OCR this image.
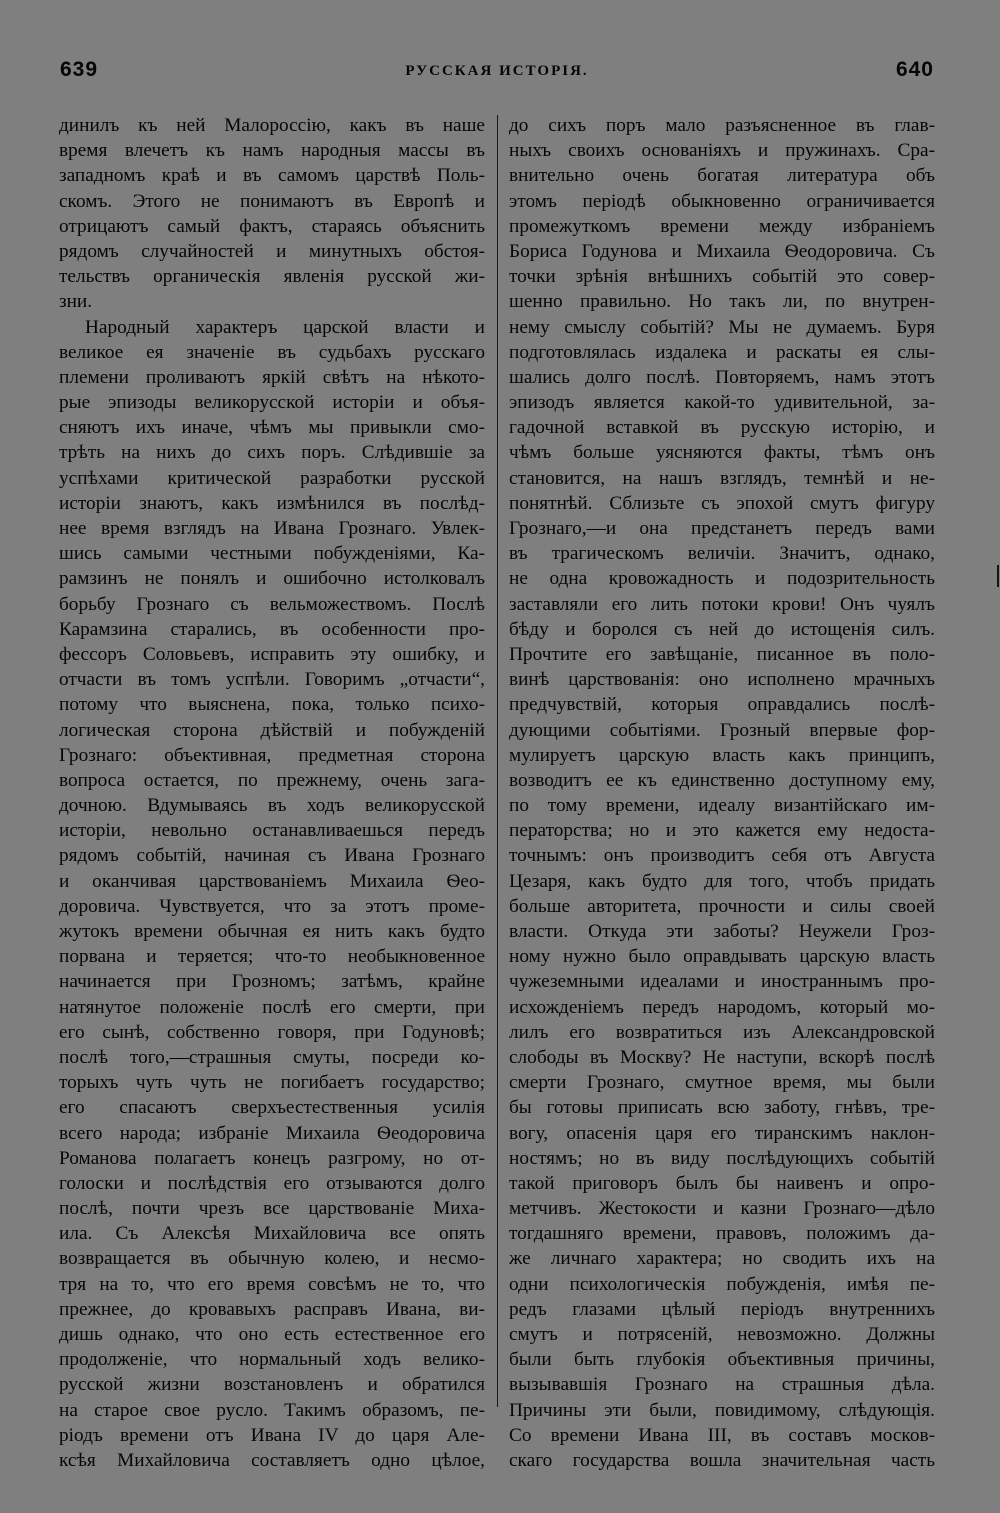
639	РУССКАЯ ИСТОРІЯ.	640
динилъ къ ней Малороссію, какъ въ наше
время влечетъ къ намъ народныя массы въ
западномъ краѣ и въ самомъ царствѣ Поль-
скомъ. Этого не понимаютъ въ Европѣ и
отрицаютъ самый фактъ, стараясь объяснить
рядомъ случайностей и минутныхъ обстоя-
тельствъ органическія явленія русской жи-
зни.
Народный характеръ царской власти и
великое ея значеніе въ судьбахъ русскаго
племени проливаютъ яркій свѣтъ на нѣкото-
рые эпизоды великорусской исторіи и объя-
сняютъ ихъ иначе, чѣмъ мы привыкли смо-
трѣть на нихъ до сихъ поръ. Слѣдившіе за
успѣхами критической разработки русской
исторіи знаютъ, какъ измѣнился въ послѣд-
нее время взглядъ на Ивана Грознаго. Увлек-
шись самыми честными побужденіями, Ка-
рамзинъ не понялъ и ошибочно истолковалъ
борьбу Грознаго съ вельможествомъ. Послѣ
Карамзина старались, въ особенности про-
фессоръ Соловьевъ, исправить эту ошибку, и
отчасти въ томъ успѣли. Говоримъ „отчасти“,
потому что выяснена, пока, только психо-
логическая сторона дѣйствій и побужденій
Грознаго: объективная, предметная сторона
вопроса остается, по прежнему, очень зага-
дочною. Вдумываясь въ ходъ великорусской
исторіи, невольно останавливаешься передъ
рядомъ событій, начиная съ Ивана Грознаго
и оканчивая царствованіемъ Михаила Ѳео-
доровича. Чувствуется, что за этотъ проме-
жутокъ времени обычная ея нить какъ будто
порвана и теряется; что-то необыкновенное
начинается при Грозномъ; затѣмъ, крайне
натянутое положеніе послѣ его смерти, при
его сынѣ, собственно говоря, при Годуновѣ;
послѣ того,—страшныя смуты, посреди ко-
торыхъ чуть чуть не погибаетъ государство;
его спасаютъ сверхъестественныя усилія
всего народа; избраніе Михаила Ѳеодоровича
Романова полагаетъ конецъ разгрому, но от-
голоски и послѣдствія его отзываются долго
послѣ, почти чрезъ все царствованіе Миха-
ила. Съ Алексѣя Михайловича все опять
возвращается въ обычную колею, и несмо-
тря на то, что его время совсѣмъ не то, что
прежнее, до кровавыхъ расправъ Ивана, ви-
дишь однако, что оно есть естественное его
продолженіе, что нормальный ходъ велико-
русской жизни возстановленъ и обратился
на старое свое русло. Такимъ образомъ, пе-
ріодъ времени отъ Ивана IV до царя Але-
ксѣя Михайловича составляетъ одно цѣлое,
до сихъ поръ мало разъясненное въ глав-
ныхъ своихъ основаніяхъ и пружинахъ. Сра-
внительно очень богатая литература объ
этомъ періодѣ обыкновенно ограничивается
промежуткомъ времени между избраніемъ
Бориса Годунова и Михаила Ѳеодоровича. Съ
точки зрѣнія внѣшнихъ событій это совер-
шенно правильно. Но такъ ли, по внутрен-
нему смыслу событій? Мы не думаемъ. Буря
подготовлялась издалека и раскаты ея слы-
шались долго послѣ. Повторяемъ, намъ этотъ
эпизодъ является какой-то удивительной, за-
гадочной вставкой въ русскую исторію, и
чѣмъ больше уясняются факты, тѣмъ онъ
становится, на нашъ взглядъ, темнѣй и не-
понятнѣй. Сблизьте съ эпохой смутъ фигуру
Грознаго,—и она предстанетъ передъ вами
въ трагическомъ величіи. Значитъ, однако,
не одна кровожадность и подозрительность
заставляли его лить потоки крови! Онъ чуялъ
бѣду и боролся съ ней до истощенія силъ.
Прочтите его завѣщаніе, писанное въ поло-
винѣ царствованія: оно исполнено мрачныхъ
предчувствій, которыя оправдались послѣ-
дующими событіями. Грозный впервые фор-
мулируетъ царскую власть какъ принципъ,
возводитъ ее къ единственно доступному ему,
по тому времени, идеалу византійскаго им-
ператорства; но и это кажется ему недоста-
точнымъ: онъ производитъ себя отъ Августа
Цезаря, какъ будто для того, чтобъ придать
больше авторитета, прочности и силы своей
власти. Откуда эти заботы? Неужели Гроз-
ному нужно было оправдывать царскую власть
чужеземными идеалами и иностраннымъ про-
исхожденіемъ передъ народомъ, который мо-
лилъ его возвратиться изъ Александровской
слободы въ Москву? Не наступи, вскорѣ послѣ
смерти Грознаго, смутное время, мы были
бы готовы приписать всю заботу, гнѣвъ, тре-
вогу, опасенія царя его тиранскимъ наклон-
ностямъ; но въ виду послѣдующихъ событій
такой приговоръ былъ бы наивенъ и опро-
метчивъ. Жестокости и казни Грознаго—дѣло
тогдашняго времени, правовъ, положимъ да-
же личнаго характера; но сводить ихъ на
одни психологическія побужденія, имѣя пе-
редъ глазами цѣлый періодъ внутреннихъ
смутъ и потрясеній, невозможно. Должны
были быть глубокія объективныя причины,
вызывавшія Грознаго на страшныя дѣла.
Причины эти были, повидимому, слѣдующія.
Со времени Ивана III, въ составъ москов-
скаго государства вошла значительная часть
